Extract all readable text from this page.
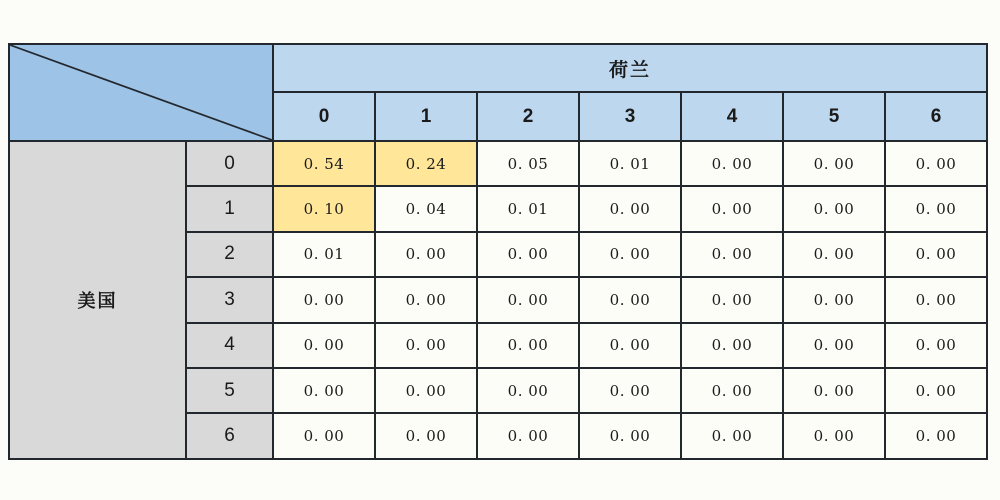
	荷兰						
		0	1	2	3	4	5	6
美国	0	0. 54	0. 24	0. 05	0. 01	0. 00	0. 00	0. 00
	1	0. 10	0. 04	0. 01	0. 00	0. 00	0. 00	0. 00
	2	0. 01	0. 00	0. 00	0. 00	0. 00	0. 00	0. 00
	3	0. 00	0. 00	0. 00	0. 00	0. 00	0. 00	0. 00
	4	0. 00	0. 00	0. 00	0. 00	0. 00	0. 00	0. 00
	5	0. 00	0. 00	0. 00	0. 00	0. 00	0. 00	0. 00
	6	0. 00	0. 00	0. 00	0. 00	0. 00	0. 00	0. 00
